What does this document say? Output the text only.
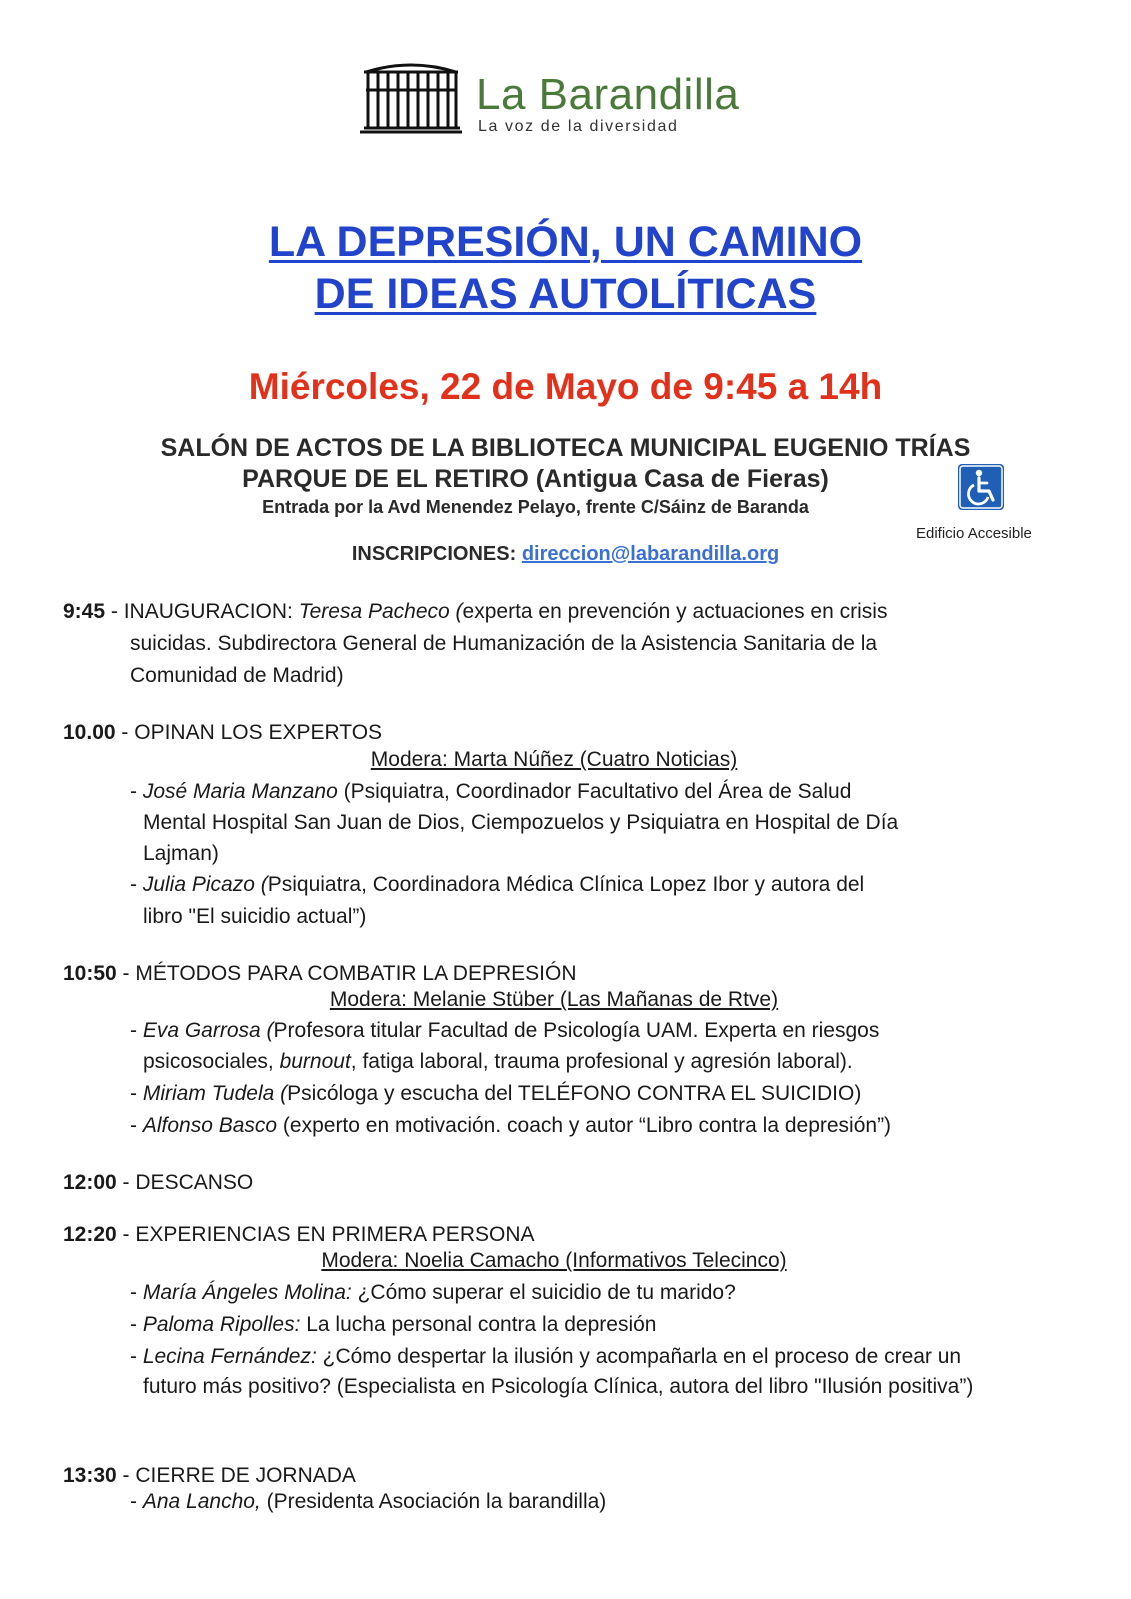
La Barandilla
La voz de la diversidad
LA DEPRESIÓN, UN CAMINO
DE IDEAS AUTOLÍTICAS
Miércoles, 22 de Mayo de 9:45 a 14h
SALÓN DE ACTOS DE LA BIBLIOTECA MUNICIPAL EUGENIO TRÍAS
PARQUE DE EL RETIRO (Antigua Casa de Fieras)
Entrada por la Avd Menendez Pelayo, frente C/Sáinz de Baranda
Edificio Accesible
INSCRIPCIONES: direccion@labarandilla.org
9:45 - INAUGURACION: Teresa Pacheco (experta en prevención y actuaciones en crisis
suicidas. Subdirectora General de Humanización de la Asistencia Sanitaria de la
Comunidad de Madrid)
10.00 - OPINAN LOS EXPERTOS
Modera: Marta Núñez (Cuatro Noticias)
- José Maria Manzano (Psiquiatra, Coordinador Facultativo del Área de Salud
Mental Hospital San Juan de Dios, Ciempozuelos y Psiquiatra en Hospital de Día
Lajman)
- Julia Picazo (Psiquiatra, Coordinadora Médica Clínica Lopez Ibor y autora del
libro "El suicidio actual”)
10:50 - MÉTODOS PARA COMBATIR LA DEPRESIÓN
Modera: Melanie Stüber (Las Mañanas de Rtve)
- Eva Garrosa (Profesora titular Facultad de Psicología UAM. Experta en riesgos
psicosociales, burnout, fatiga laboral, trauma profesional y agresión laboral).
- Miriam Tudela (Psicóloga y escucha del TELÉFONO CONTRA EL SUICIDIO)
- Alfonso Basco (experto en motivación. coach y autor “Libro contra la depresión”)
12:00 - DESCANSO
12:20 - EXPERIENCIAS EN PRIMERA PERSONA
Modera: Noelia Camacho (Informativos Telecinco)
- María Ángeles Molina: ¿Cómo superar el suicidio de tu marido?
- Paloma Ripolles: La lucha personal contra la depresión
- Lecina Fernández: ¿Cómo despertar la ilusión y acompañarla en el proceso de crear un
futuro más positivo? (Especialista en Psicología Clínica, autora del libro "Ilusión positiva”)
13:30 - CIERRE DE JORNADA
- Ana Lancho, (Presidenta Asociación la barandilla)
